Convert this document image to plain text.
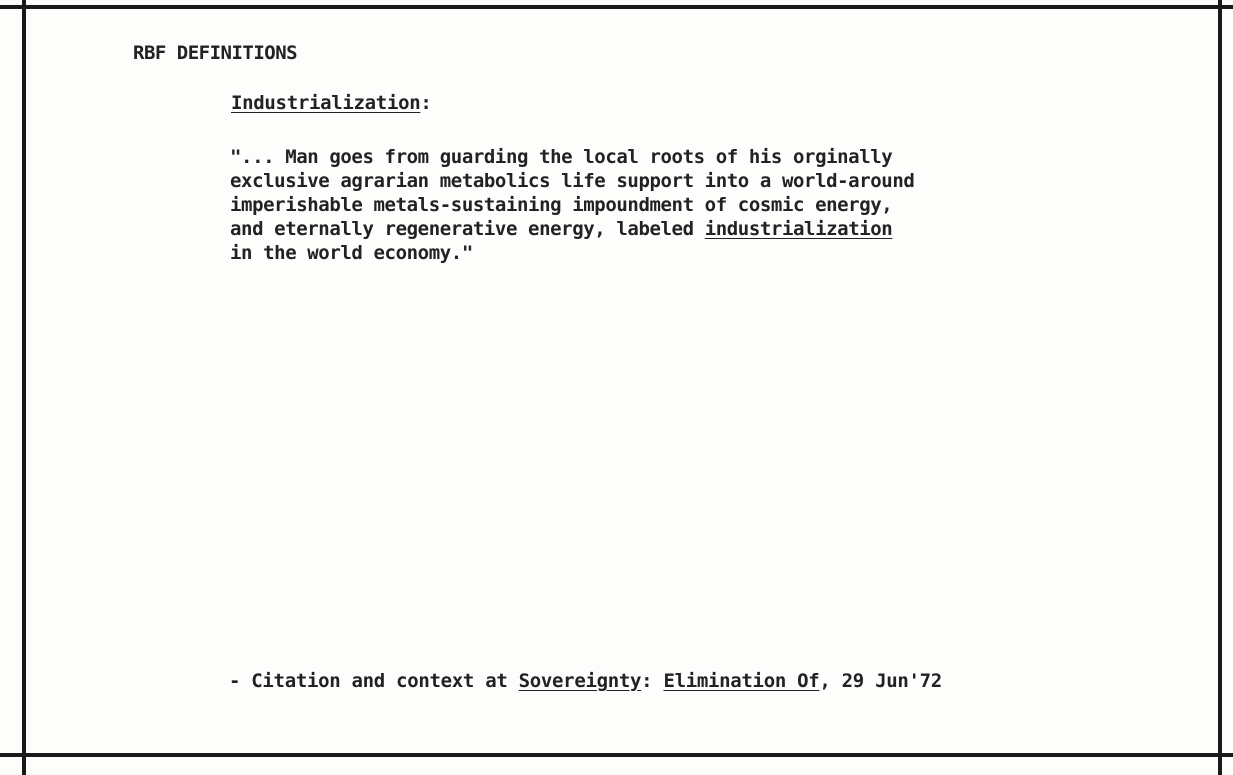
RBF DEFINITIONS
Industrialization:
"... Man goes from guarding the local roots of his orginally
exclusive agrarian metabolics life support into a world-around
imperishable metals-sustaining impoundment of cosmic energy,
and eternally regenerative energy, labeled industrialization
in the world economy."
- Citation and context at Sovereignty: Elimination Of, 29 Jun'72
